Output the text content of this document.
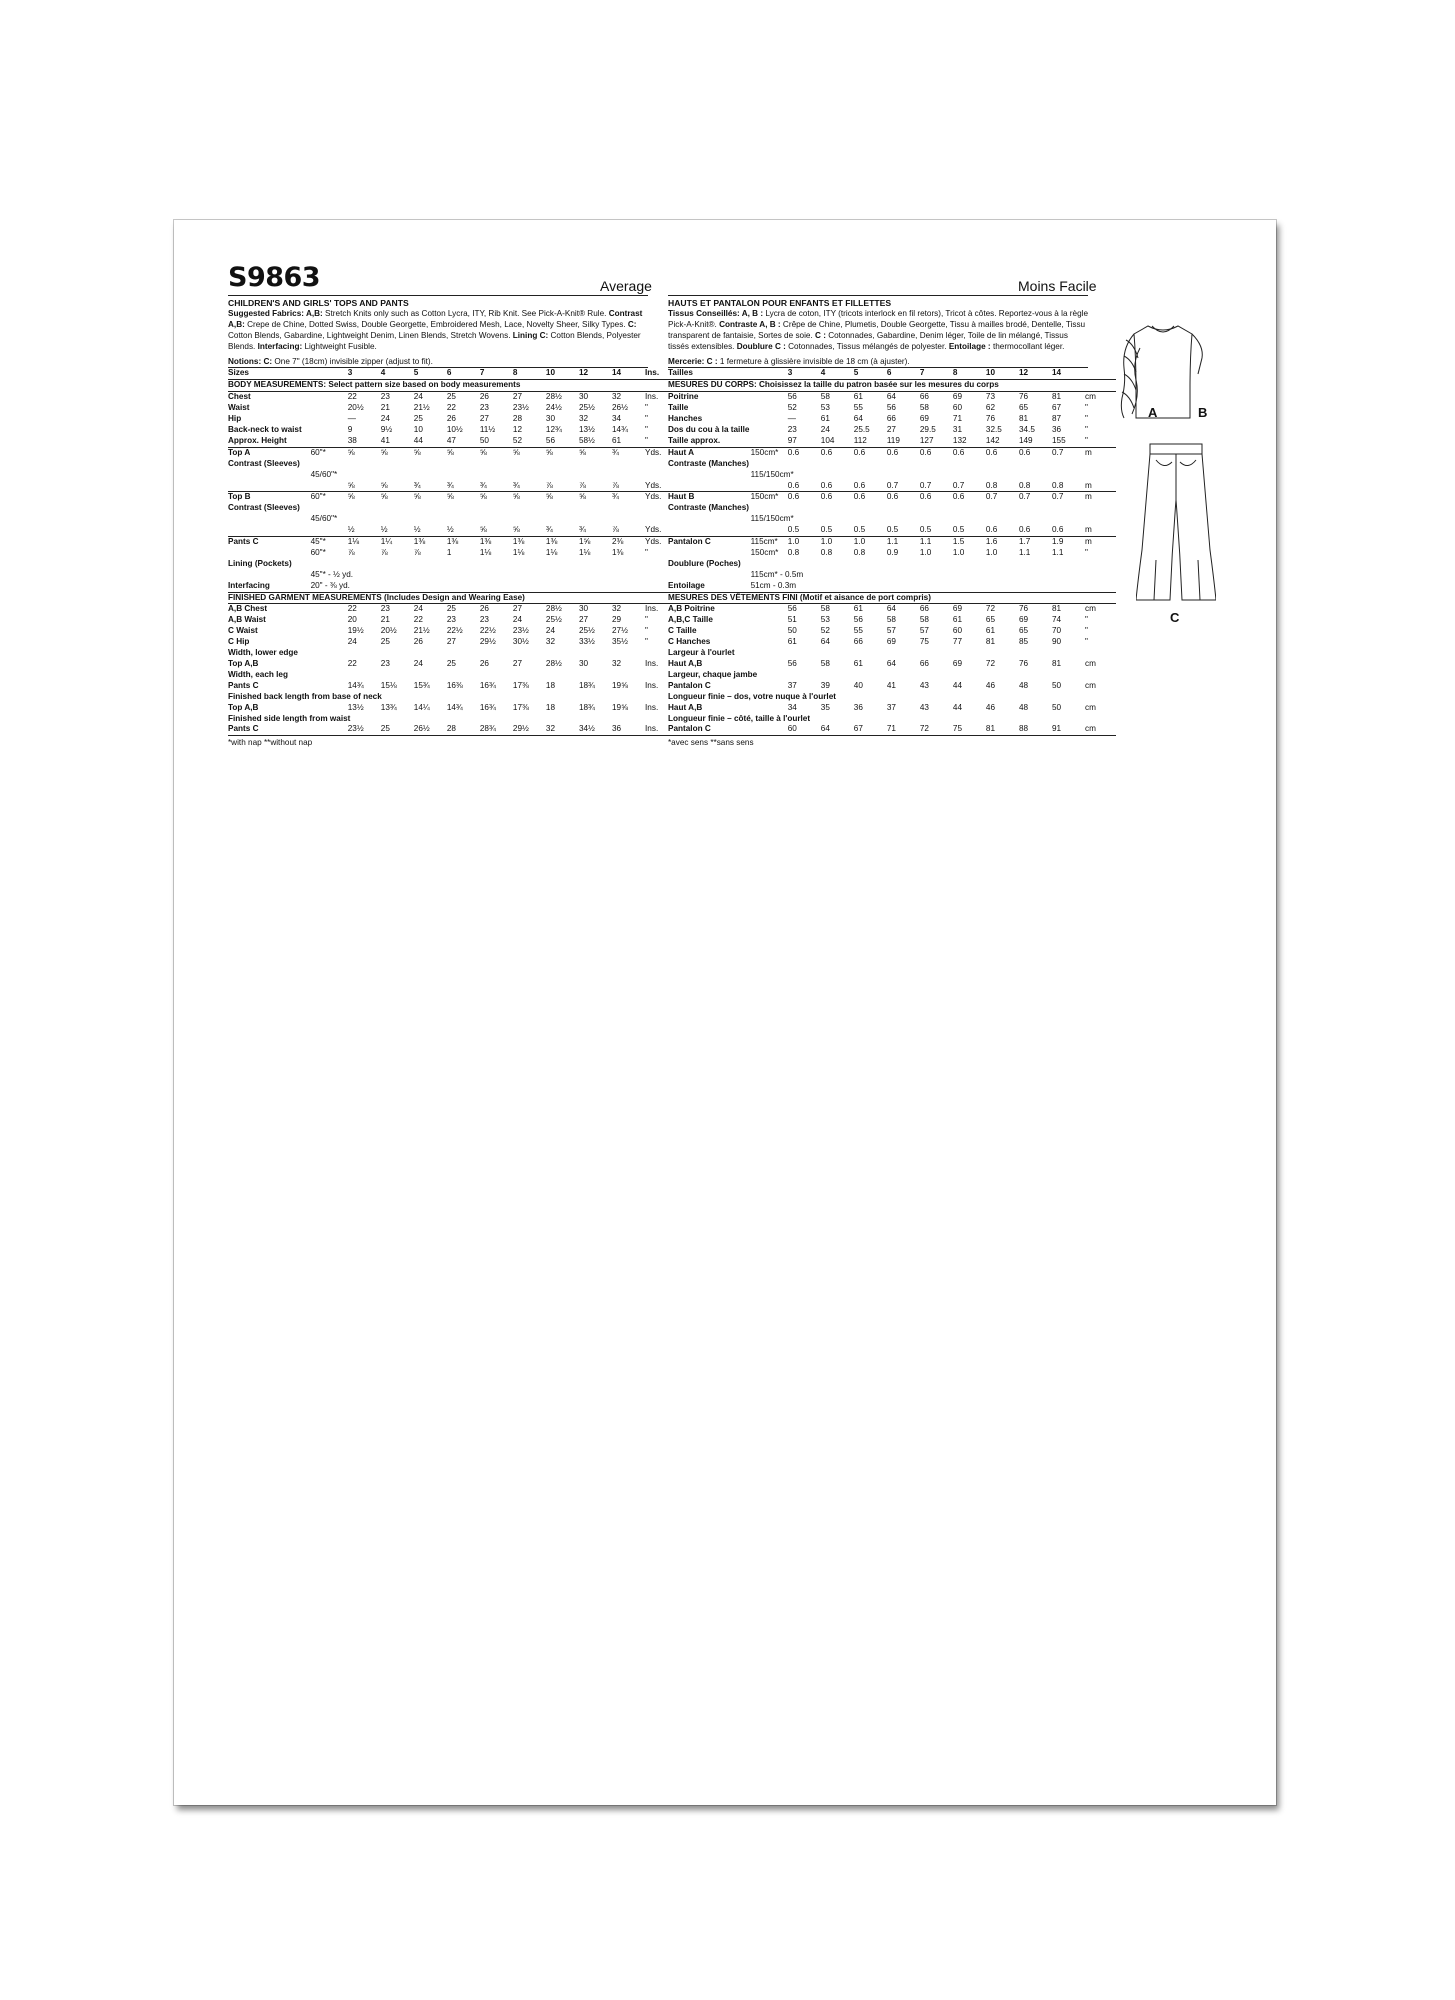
S9863	Average	Moins Facile
CHILDREN'S AND GIRLS' TOPS AND PANTS
Suggested Fabrics: A,B: Stretch Knits only such as Cotton Lycra, ITY, Rib Knit. See Pick-A-Knit® Rule. Contrast A,B: Crepe de Chine, Dotted Swiss, Double Georgette, Embroidered Mesh, Lace, Novelty Sheer, Silky Types. C: Cotton Blends, Gabardine, Lightweight Denim, Linen Blends, Stretch Wovens. Lining C: Cotton Blends, Polyester Blends. Interfacing: Lightweight Fusible.
Notions: C: One 7" (18cm) invisible zipper (adjust to fit).
Sizes		3	4	5	6	7	8	10	12	14	Ins.
BODY MEASUREMENTS: Select pattern size based on body measurements											
Chest		22	23	24	25	26	27	28½	30	32	Ins.
Waist		20½	21	21½	22	23	23½	24½	25½	26½	"
Hip		—	24	25	26	27	28	30	32	34	"
Back-neck to waist		9	9½	10	10½	11½	12	12¾	13½	14¾	"
Approx. Height		38	41	44	47	50	52	56	58½	61	"
Top A	60"*	⅝	⅝	⅝	⅝	⅝	⅝	⅝	⅝	¾	Yds.
Contrast (Sleeves)											
	45/60"*										
		⅝	⅝	¾	¾	¾	¾	⅞	⅞	⅞	Yds.
Top B	60"*	⅝	⅝	⅝	⅝	⅝	⅝	⅝	⅝	¾	Yds.
Contrast (Sleeves)											
	45/60"*										
		½	½	½	½	⅝	⅝	¾	¾	⅞	Yds.
Pants C	45"*	1⅛	1¼	1⅜	1⅜	1⅜	1⅜	1⅜	1⅝	2⅜	Yds.
	60"*	⅞	⅞	⅞	1	1⅛	1⅛	1⅛	1⅛	1⅜	"
Lining (Pockets)											
	45"* - ½ yd.										
Interfacing	20" - ⅜ yd.										
FINISHED GARMENT MEASUREMENTS (Includes Design and Wearing Ease)											
A,B Chest		22	23	24	25	26	27	28½	30	32	Ins.
A,B Waist		20	21	22	23	23	24	25½	27	29	"
C Waist		19½	20½	21½	22½	22½	23½	24	25½	27½	"
C Hip		24	25	26	27	29½	30½	32	33½	35½	"
Width, lower edge											
Top A,B		22	23	24	25	26	27	28½	30	32	Ins.
Width, each leg											
Pants C		14¾	15⅛	15¾	16⅜	16¾	17⅜	18	18¾	19⅝	Ins.
Finished back length from base of neck											
Top A,B		13½	13¾	14¼	14¾	16¾	17⅜	18	18¾	19⅝	Ins.
Finished side length from waist											
Pants C		23½	25	26½	28	28¾	29½	32	34½	36	Ins.
*with nap **without nap
HAUTS ET PANTALON POUR ENFANTS ET FILLETTES
Tissus Conseillés: A, B : Lycra de coton, ITY (tricots interlock en fil retors), Tricot à côtes. Reportez-vous à la règle Pick-A-Knit®. Contraste A, B : Crêpe de Chine, Plumetis, Double Georgette, Tissu à mailles brodé, Dentelle, Tissu transparent de fantaisie, Sortes de soie. C : Cotonnades, Gabardine, Denim léger, Toile de lin mélangé, Tissus tissés extensibles. Doublure C : Cotonnades, Tissus mélangés de polyester. Entoilage : thermocollant léger.
Mercerie: C : 1 fermeture à glissière invisible de 18 cm (à ajuster).
Tailles		3	4	5	6	7	8	10	12	14	
MESURES DU CORPS: Choisissez la taille du patron basée sur les mesures du corps											
Poitrine		56	58	61	64	66	69	73	76	81	cm
Taille		52	53	55	56	58	60	62	65	67	"
Hanches		—	61	64	66	69	71	76	81	87	"
Dos du cou à la taille		23	24	25.5	27	29.5	31	32.5	34.5	36	"
Taille approx.		97	104	112	119	127	132	142	149	155	"
Haut A	150cm*	0.6	0.6	0.6	0.6	0.6	0.6	0.6	0.6	0.7	m
Contraste (Manches)											
	115/150cm*										
		0.6	0.6	0.6	0.7	0.7	0.7	0.8	0.8	0.8	m
Haut B	150cm*	0.6	0.6	0.6	0.6	0.6	0.6	0.7	0.7	0.7	m
Contraste (Manches)											
	115/150cm*										
		0.5	0.5	0.5	0.5	0.5	0.5	0.6	0.6	0.6	m
Pantalon C	115cm*	1.0	1.0	1.0	1.1	1.1	1.5	1.6	1.7	1.9	m
	150cm*	0.8	0.8	0.8	0.9	1.0	1.0	1.0	1.1	1.1	"
Doublure (Poches)											
	115cm* - 0.5m										
Entoilage	51cm - 0.3m										
MESURES DES VÊTEMENTS FINI (Motif et aisance de port compris)											
A,B Poitrine		56	58	61	64	66	69	72	76	81	cm
A,B,C Taille		51	53	56	58	58	61	65	69	74	"
C Taille		50	52	55	57	57	60	61	65	70	"
C Hanches		61	64	66	69	75	77	81	85	90	"
Largeur à l'ourlet											
Haut A,B		56	58	61	64	66	69	72	76	81	cm
Largeur, chaque jambe											
Pantalon C		37	39	40	41	43	44	46	48	50	cm
Longueur finie – dos, votre nuque à l'ourlet											
Haut A,B		34	35	36	37	43	44	46	48	50	cm
Longueur finie – côté, taille à l'ourlet											
Pantalon C		60	64	67	71	72	75	81	88	91	cm
*avec sens **sans sens
A	B
C
